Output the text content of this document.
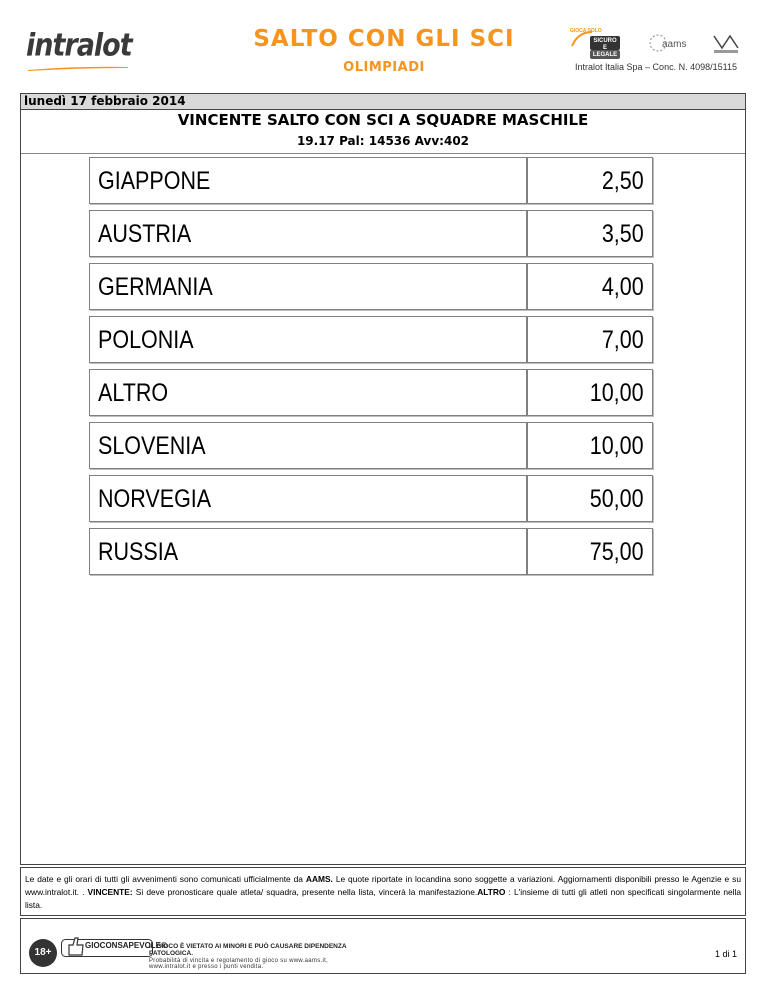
intralot	SALTO CON GLI SCI
OLIMPIADI
aams
GIOCA SOLO
SICURO E LEGALE
Intralot Italia Spa – Conc. N. 4098/15115
lunedì 17 febbraio 2014
VINCENTE SALTO CON SCI A SQUADRE MASCHILE
19.17 Pal: 14536 Avv:402
GIAPPONE	2,50
AUSTRIA	3,50
GERMANIA	4,00
POLONIA	7,00
ALTRO	10,00
SLOVENIA	10,00
NORVEGIA	50,00
RUSSIA	75,00

Le date e gli orari di tutti gli avvenimenti sono comunicati ufficialmente da AAMS. Le quote riportate in locandina sono soggette a variazioni. Aggiornamenti disponibili presso le Agenzie e su www.intralot.it. . VINCENTE: Si deve pronosticare quale atleta/ squadra, presente nella lista, vincerà la manifestazione.ALTRO : L'insieme di tutti gli atleti non specificati singolarmente nella lista.

18+
GIOCONSAPEVOLE®
IL GIOCO È VIETATO AI MINORI E PUÒ CAUSARE DIPENDENZA PATOLOGICA.
Probabilità di vincita e regolamento di gioco su www.aams.it,
www.intralot.it e presso i punti vendita.
1 di 1
